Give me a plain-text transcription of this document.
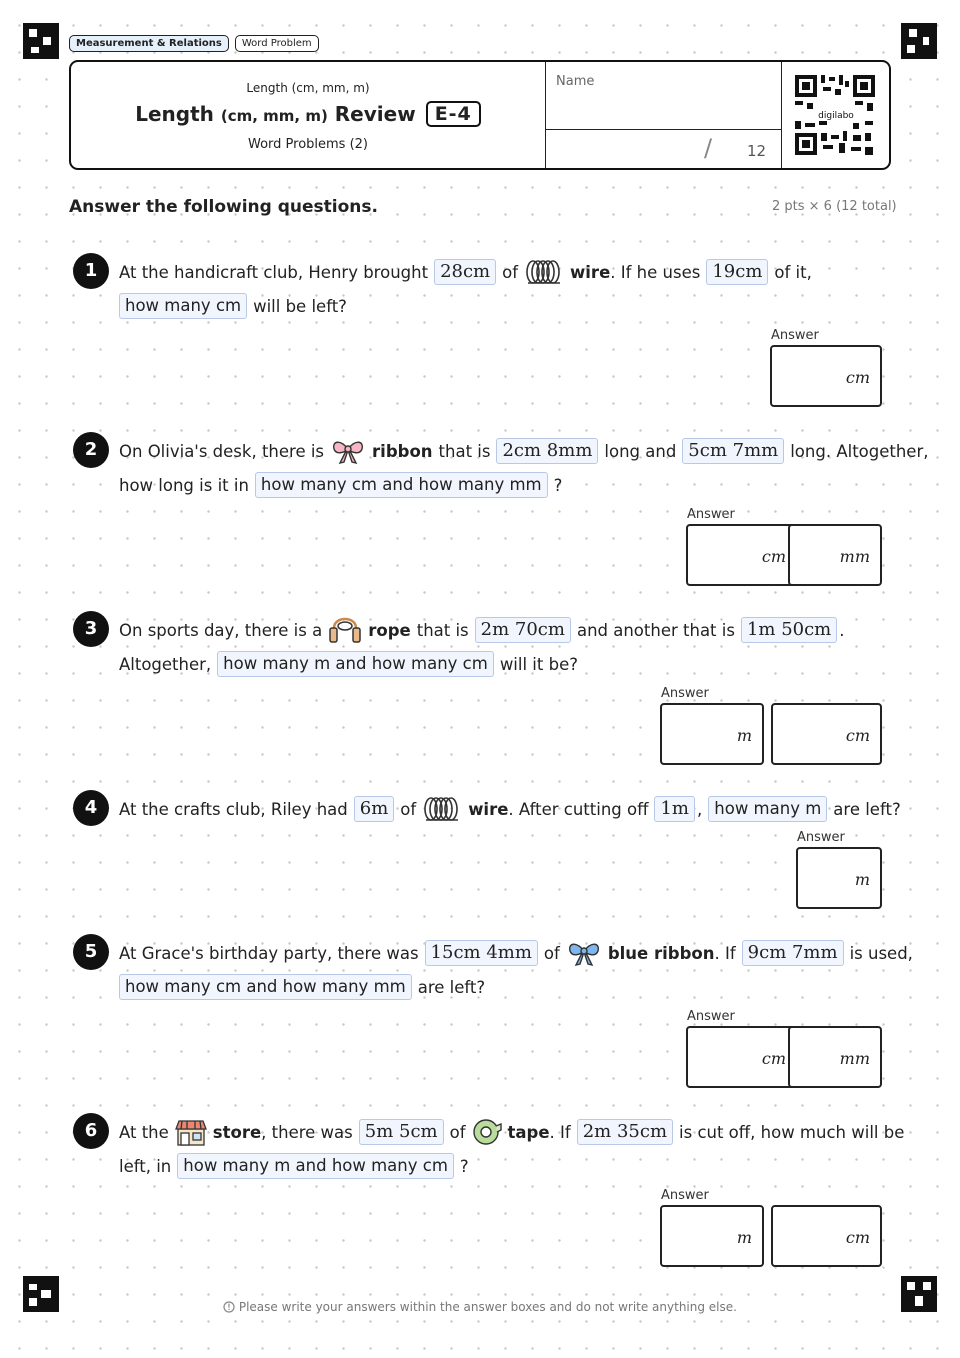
Measurement & Relations	Word Problem
Length (cm, mm, m)
Length (cm, mm, m) Review	E-4
Word Problems (2)
Name
/ 12
digilabo
Answer the following questions.	2 pts × 6 (12 total)
1	At the handicraft club, Henry brought 28cm of	wire . If he uses 19cm of it,
how many cm will be left?
Answer
cm
2	On Olivia's desk, there is	ribbon that is 2cm 8mm long and 5cm 7mm long. Altogether,
how long is it in how many cm and how many mm ?
Answer
cm	mm
3	On sports day, there is a	rope that is 2m 70cm and another that is 1m 50cm .
Altogether, how many m and how many cm will it be?
Answer
m	cm
4	At the crafts club, Riley had 6m of	wire . After cutting off 1m , how many m are left?
Answer
m
5	At Grace's birthday party, there was 15cm 4mm of	blue ribbon . If 9cm 7mm is used,
how many cm and how many mm are left?
Answer
cm	mm
6	At the	store , there was 5m 5cm of	tape . If 2m 35cm is cut off, how much will be
left, in how many m and how many cm ?
Answer
m	cm
Please write your answers within the answer boxes and do not write anything else.
